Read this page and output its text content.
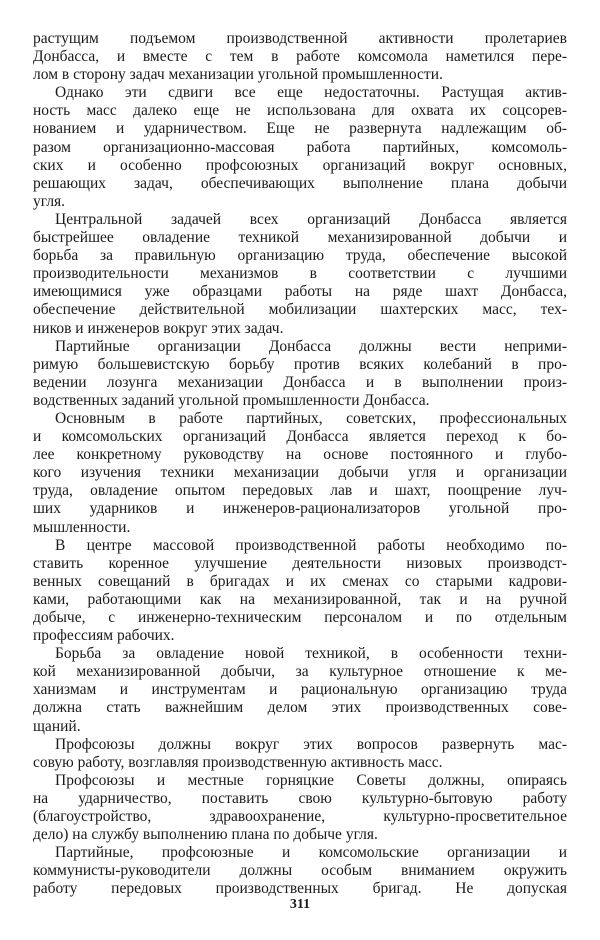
растущим подъемом производственной активности пролетариев
Донбасса, и вместе с тем в работе комсомола наметился пере-
лом в сторону задач механизации угольной промышленности.
Однако эти сдвиги все еще недостаточны. Растущая актив-
ность масс далеко еще не использована для охвата их соцсорев-
нованием и ударничеством. Еще не развернута надлежащим об-
разом организационно-массовая работа партийных, комсомоль-
ских и особенно профсоюзных организаций вокруг основных,
решающих задач, обеспечивающих выполнение плана добычи
угля.
Центральной задачей всех организаций Донбасса является
быстрейшее овладение техникой механизированной добычи и
борьба за правильную организацию труда, обеспечение высокой
производительности механизмов в соответствии с лучшими
имеющимися уже образцами работы на ряде шахт Донбасса,
обеспечение действительной мобилизации шахтерских масс, тех-
ников и инженеров вокруг этих задач.
Партийные организации Донбасса должны вести неприми-
римую большевистскую борьбу против всяких колебаний в про-
ведении лозунга механизации Донбасса и в выполнении произ-
водственных заданий угольной промышленности Донбасса.
Основным в работе партийных, советских, профессиональных
и комсомольских организаций Донбасса является переход к бо-
лее конкретному руководству на основе постоянного и глубо-
кого изучения техники механизации добычи угля и организации
труда, овладение опытом передовых лав и шахт, поощрение луч-
ших ударников и инженеров-рационализаторов угольной про-
мышленности.
В центре массовой производственной работы необходимо по-
ставить коренное улучшение деятельности низовых производст-
венных совещаний в бригадах и их сменах со старыми кадрови-
ками, работающими как на механизированной, так и на ручной
добыче, с инженерно-техническим персоналом и по отдельным
профессиям рабочих.
Борьба за овладение новой техникой, в особенности техни-
кой механизированной добычи, за культурное отношение к ме-
ханизмам и инструментам и рациональную организацию труда
должна стать важнейшим делом этих производственных сове-
щаний.
Профсоюзы должны вокруг этих вопросов развернуть мас-
совую работу, возглавляя производственную активность масс.
Профсоюзы и местные горняцкие Советы должны, опираясь
на ударничество, поставить свою культурно-бытовую работу
(благоустройство, здравоохранение, культурно-просветительное
дело) на службу выполнению плана по добыче угля.
Партийные, профсоюзные и комсомольские организации и
коммунисты-руководители должны особым вниманием окружить
работу передовых производственных бригад. Не допуская
311
